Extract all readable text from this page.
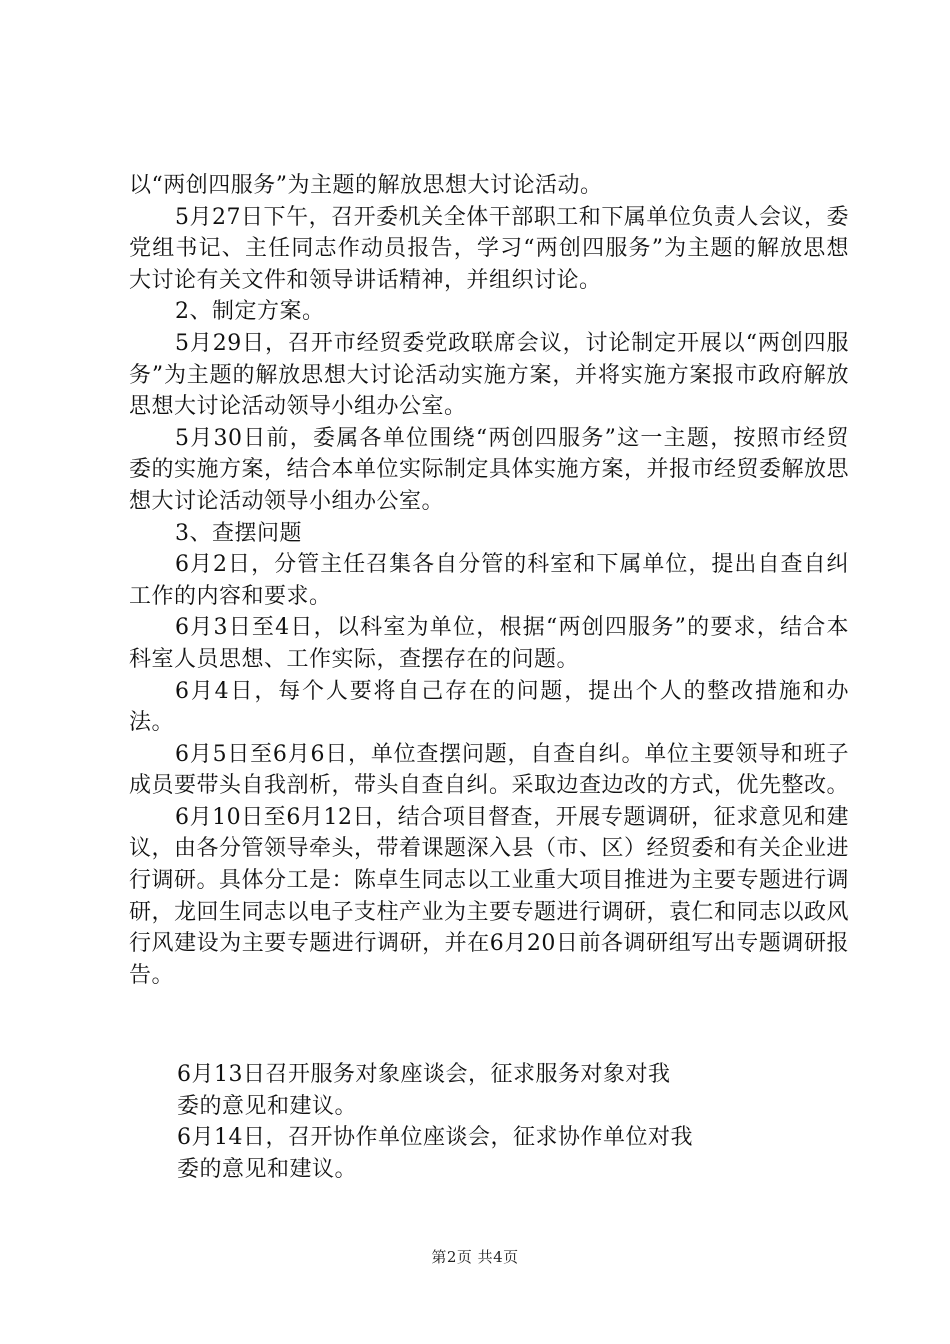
以“两创四服务”为主题的解放思想大讨论活动。

5月27日下午，召开委机关全体干部职工和下属单位负责人会议，委党组书记、主任同志作动员报告，学习“两创四服务”为主题的解放思想大讨论有关文件和领导讲话精神，并组织讨论。

2、制定方案。

5月29日，召开市经贸委党政联席会议，讨论制定开展以“两创四服务”为主题的解放思想大讨论活动实施方案，并将实施方案报市政府解放思想大讨论活动领导小组办公室。

5月30日前，委属各单位围绕“两创四服务”这一主题，按照市经贸委的实施方案，结合本单位实际制定具体实施方案，并报市经贸委解放思想大讨论活动领导小组办公室。

3、查摆问题

6月2日，分管主任召集各自分管的科室和下属单位，提出自查自纠工作的内容和要求。

6月3日至4日，以科室为单位，根据“两创四服务”的要求，结合本科室人员思想、工作实际，查摆存在的问题。

6月4日，每个人要将自己存在的问题，提出个人的整改措施和办法。

6月5日至6月6日，单位查摆问题，自查自纠。单位主要领导和班子成员要带头自我剖析，带头自查自纠。采取边查边改的方式，优先整改。

6月10日至6月12日，结合项目督查，开展专题调研，征求意见和建议，由各分管领导牵头，带着课题深入县（市、区）经贸委和有关企业进行调研。具体分工是：陈卓生同志以工业重大项目推进为主要专题进行调研，龙回生同志以电子支柱产业为主要专题进行调研，袁仁和同志以政风行风建设为主要专题进行调研，并在6月20日前各调研组写出专题调研报告。

6月13日召开服务对象座谈会，征求服务对象对我

委的意见和建议。

6月14日，召开协作单位座谈会，征求协作单位对我

委的意见和建议。

第2页 共4页
